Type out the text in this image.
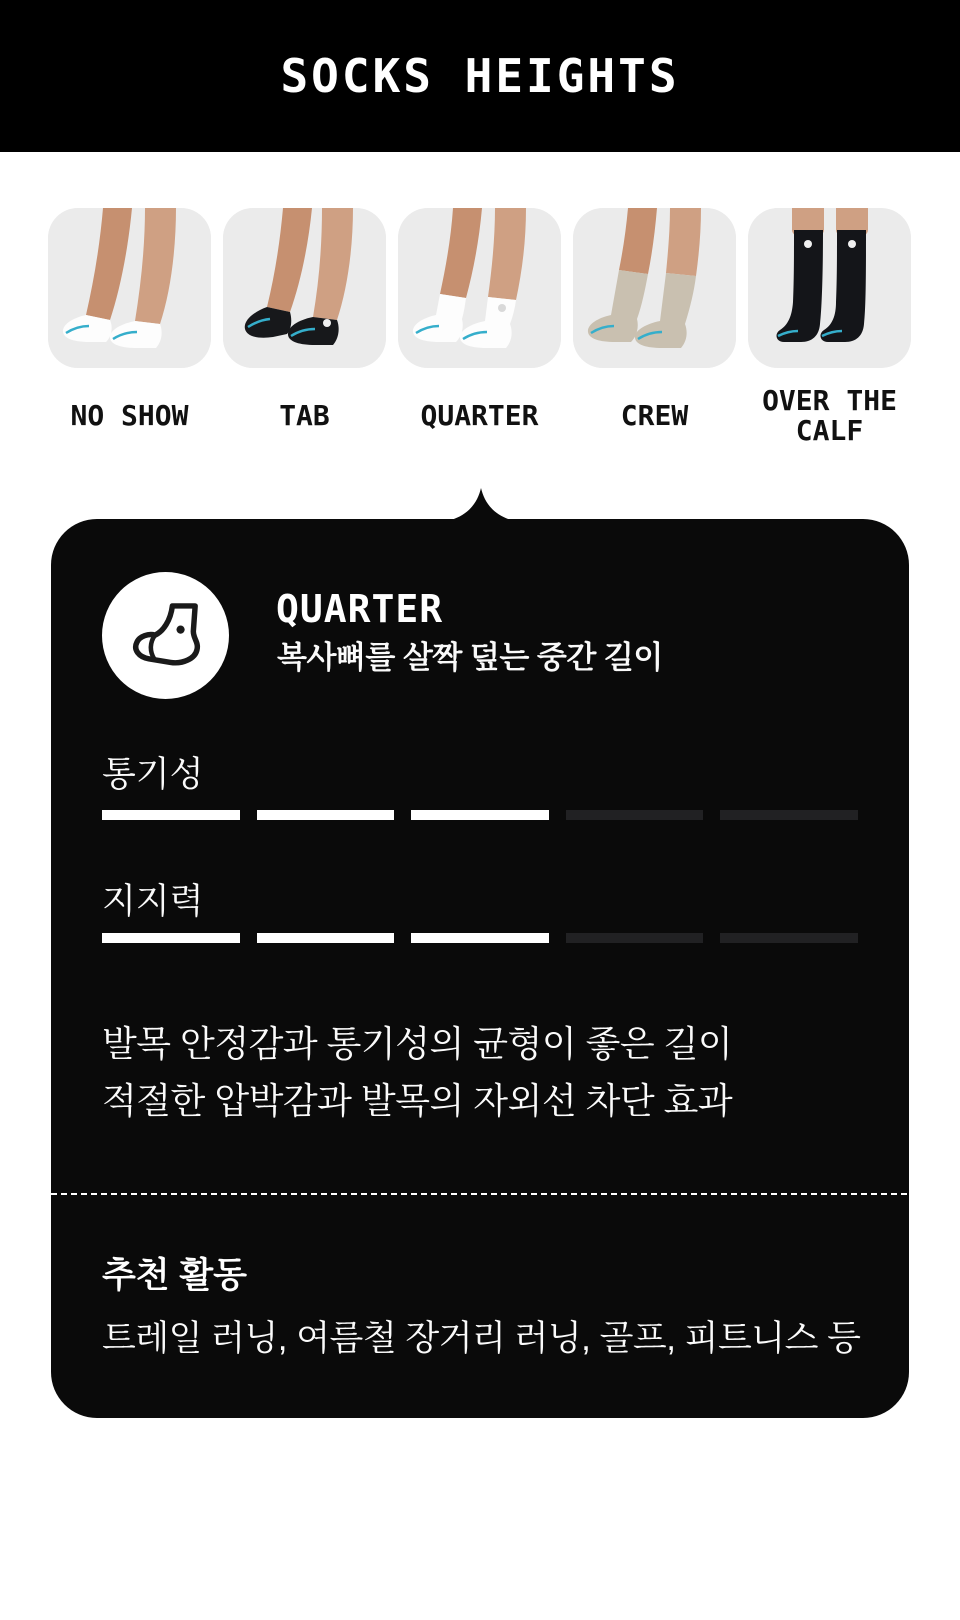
SOCKS HEIGHTS
NO SHOW	TAB	QUARTER	CREW	OVER THE CALF
QUARTER
복사뼈를 살짝 덮는 중간 길이
통기성
지지력
발목 안정감과 통기성의 균형이 좋은 길이
적절한 압박감과 발목의 자외선 차단 효과
추천 활동
트레일 러닝, 여름철 장거리 러닝, 골프, 피트니스 등
